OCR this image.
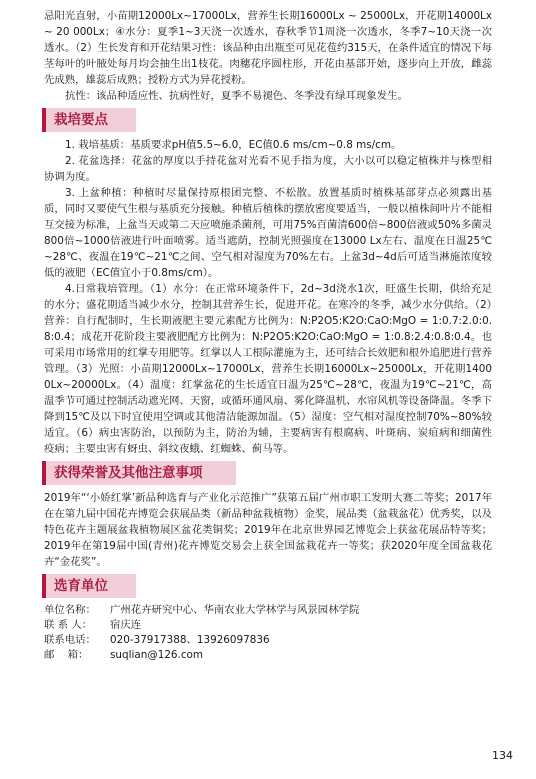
忌阳光直射，小苗期12000Lx~17000Lx，营养生长期16000Lx ~ 25000Lx，开花期14000Lx ~ 20 000Lx；④水分：夏季1~3天浇一次透水，春秋季节1周浇一次透水，冬季7~10天浇一次透水。（2）生长发育和开花结果习性：该品种由出瓶至可见花苞约315天，在条件适宜的情况下每茎每叶的叶腋处每月均会抽生出1枝花。肉穗花序圆柱形，开花由基部开始，逐步向上开放，雌蕊先成熟，雄蕊后成熟；授粉方式为异花授粉。

抗性：该品种适应性、抗病性好，夏季不易褪色、冬季没有绿耳现象发生。

栽培要点

1. 栽培基质：基质要求pH值5.5~6.0，EC值0.6 ms/cm~0.8 ms/cm。

2. 花盆选择：花盆的厚度以手持花盆对光看不见手指为度，大小以可以稳定植株并与株型相协调为度。

3. 上盆种植：种植时尽量保持原根团完整、不松散。放置基质时植株基部芽点必须露出基质，同时又要使气生根与基质充分接触。种植后植株的摆放密度要适当，一般以植株间叶片不能相互交接为标准，上盆当天或第二天应喷施杀菌剂，可用75%百菌清600倍~800倍液或50%多菌灵800倍~1000倍液进行叶面喷雾。适当遮荫，控制光照强度在13000 Lx左右、温度在日温25℃~28℃、夜温在19℃~21℃之间、空气相对湿度为70%左右。上盆3d~4d后可适当淋施浓度较低的液肥（EC值宜小于0.8ms/cm）。

4.日常栽培管理。（1）水分：在正常环境条件下，2d~3d浇水1次，旺盛生长期，供给充足的水分；盛花期适当减少水分，控制其营养生长，促进开花。在寒冷的冬季，减少水分供给。（2）营养：自行配制时，生长期液肥主要元素配方比例为：N:P2O5:K2O:CaO:MgO = 1:0.7:2.0:0.8:0.4；成花开花阶段主要液肥配方比例为：N:P2O5:K2O:CaO:MgO = 1:0.8:2.4:0.8:0.4。也可采用市场常用的红掌专用肥等。红掌以人工根际灌施为主，还可结合长效肥和根外追肥进行营养管理。（3）光照：小苗期12000Lx~17000Lx，营养生长期16000Lx~25000Lx，开花期14000Lx~20000Lx。（4）温度：红掌盆花的生长适宜日温为25℃~28℃，夜温为19℃~21℃，高温季节可通过控制活动遮光网、天窗，或循环通风扇、雾化降温机、水帘风机等设备降温。冬季下降到15℃及以下时宜使用空调或其他清洁能源加温。（5）湿度：空气相对湿度控制70%~80%较适宜。（6）病虫害防治，以预防为主，防治为辅，主要病害有根腐病、叶斑病、炭疽病和细菌性疫病；主要虫害有蚜虫、斜纹夜蛾、红蜘蛛、蓟马等。

获得荣誉及其他注意事项

2019年“‘小娇红掌’新品种选育与产业化示范推广”获第五届广州市职工发明大赛二等奖；2017年在在第九届中国花卉博览会获展品类（新品种盆栽植物）金奖，展品类（盆栽盆花）优秀奖，以及特色花卉主题展盆栽植物展区盆花类铜奖；2019年在北京世界园艺博览会上获盆花展品特等奖；2019年在第19届中国(青州)花卉博览交易会上获全国盆栽花卉一等奖；获2020年度全国盆栽花卉“金花奖”。

选育单位
单位名称： 广州花卉研究中心、华南农业大学林学与风景园林学院
联 系 人： 宿庆连
联系电话： 020-37917388、13926097836
邮    箱： suqlian@126.com
134
